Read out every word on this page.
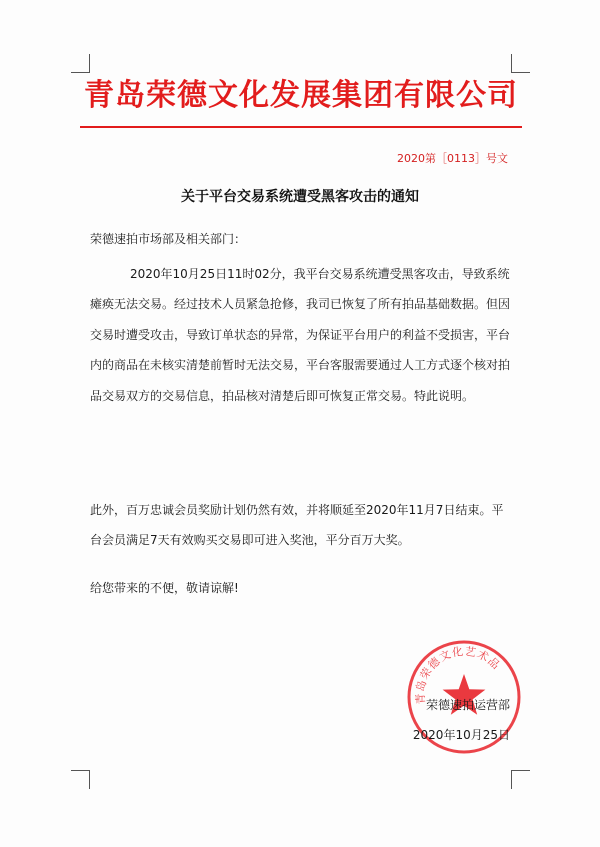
青岛荣德文化发展集团有限公司
2020第［0113］号文
关于平台交易系统遭受黑客攻击的通知
荣德速拍市场部及相关部门：

2020年10月25日11时02分，我平台交易系统遭受黑客攻击，导致系统瘫痪无法交易。经过技术人员紧急抢修，我司已恢复了所有拍品基础数据。但因交易时遭受攻击，导致订单状态的异常，为保证平台用户的利益不受损害，平台内的商品在未核实清楚前暂时无法交易，平台客服需要通过人工方式逐个核对拍品交易双方的交易信息，拍品核对清楚后即可恢复正常交易。特此说明。

此外，百万忠诚会员奖励计划仍然有效，并将顺延至2020年11月7日结束。平台会员满足7天有效购买交易即可进入奖池，平分百万大奖。

给您带来的不便，敬请谅解!

青岛荣德文化艺术品
荣德速拍运营部
2020年10月25日
